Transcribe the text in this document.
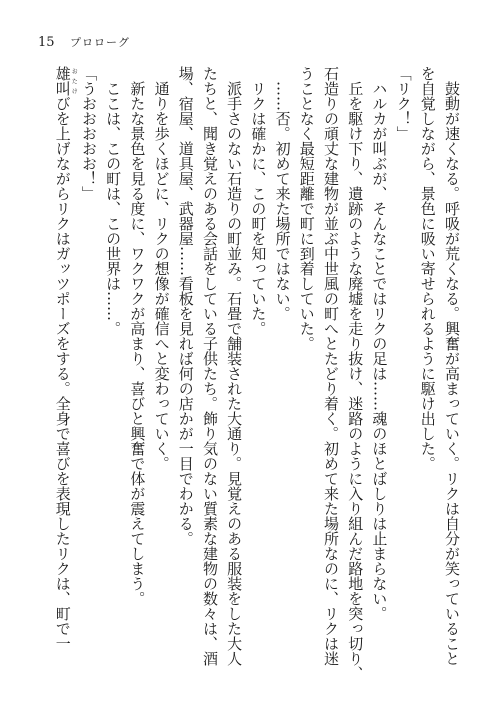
15 プロローグ

　鼓動が速くなる。呼吸が荒くなる。興奮が高まっていく。リクは自分が笑っていること

を自覚しながら、景色に吸い寄せられるように駆け出した。

「リク！」

　ハルカが叫ぶが、そんなことではリクの足は……魂のほとばしりは止まらない。

　丘を駆け下り、遺跡のような廃墟を走り抜け、迷路のように入り組んだ路地を突っ切り、

石造りの頑丈な建物が並ぶ中世風の町へとたどり着く。初めて来た場所なのに、リクは迷

うことなく最短距離で町に到着していた。

　……否。初めて来た場所ではない。

　リクは確かに、この町を知っていた。

　派手さのない石造りの町並み。石畳で舗装された大通り。見覚えのある服装をした大人

たちと、聞き覚えのある会話をしている子供たち。飾り気のない質素な建物の数々は、酒

場、宿屋、道具屋、武器屋……看板を見れば何の店かが一目でわかる。

　通りを歩くほどに、リクの想像が確信へと変わっていく。

　新たな景色を見る度に、ワクワクが高まり、喜びと興奮で体が震えてしまう。

　ここは、この町は、この世界は……。

「うおおおおお！」

雄叫おたけびを上げながらリクはガッツポーズをする。全身で喜びを表現したリクは、町で一
